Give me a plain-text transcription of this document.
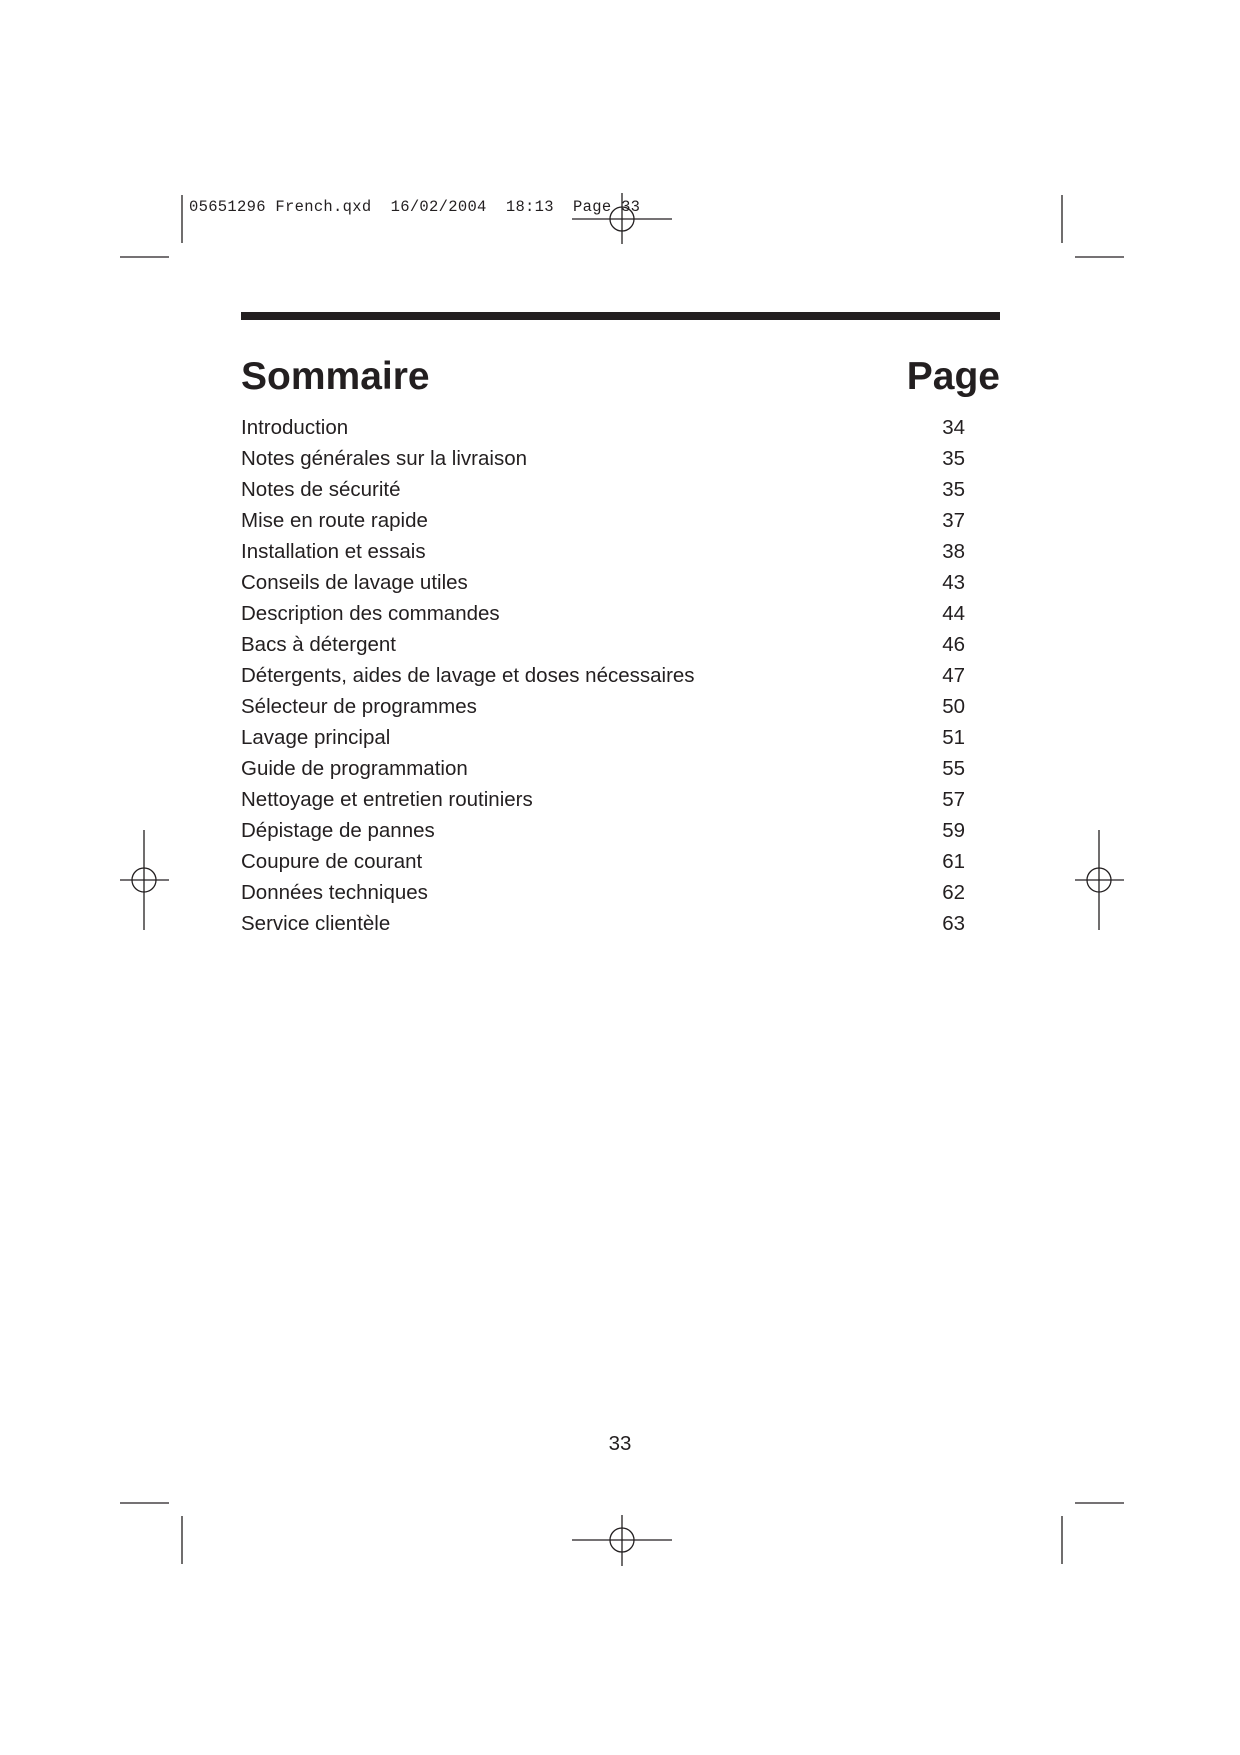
05651296 French.qxd  16/02/2004  18:13  Page 33
Sommaire	Page
Introduction	34
Notes générales sur la livraison	35
Notes de sécurité	35
Mise en route rapide	37
Installation et essais	38
Conseils de lavage utiles	43
Description des commandes	44
Bacs à détergent	46
Détergents, aides de lavage et doses nécessaires	47
Sélecteur de programmes	50
Lavage principal	51
Guide de programmation	55
Nettoyage et entretien routiniers	57
Dépistage de pannes	59
Coupure de courant	61
Données techniques	62
Service clientèle	63
33
